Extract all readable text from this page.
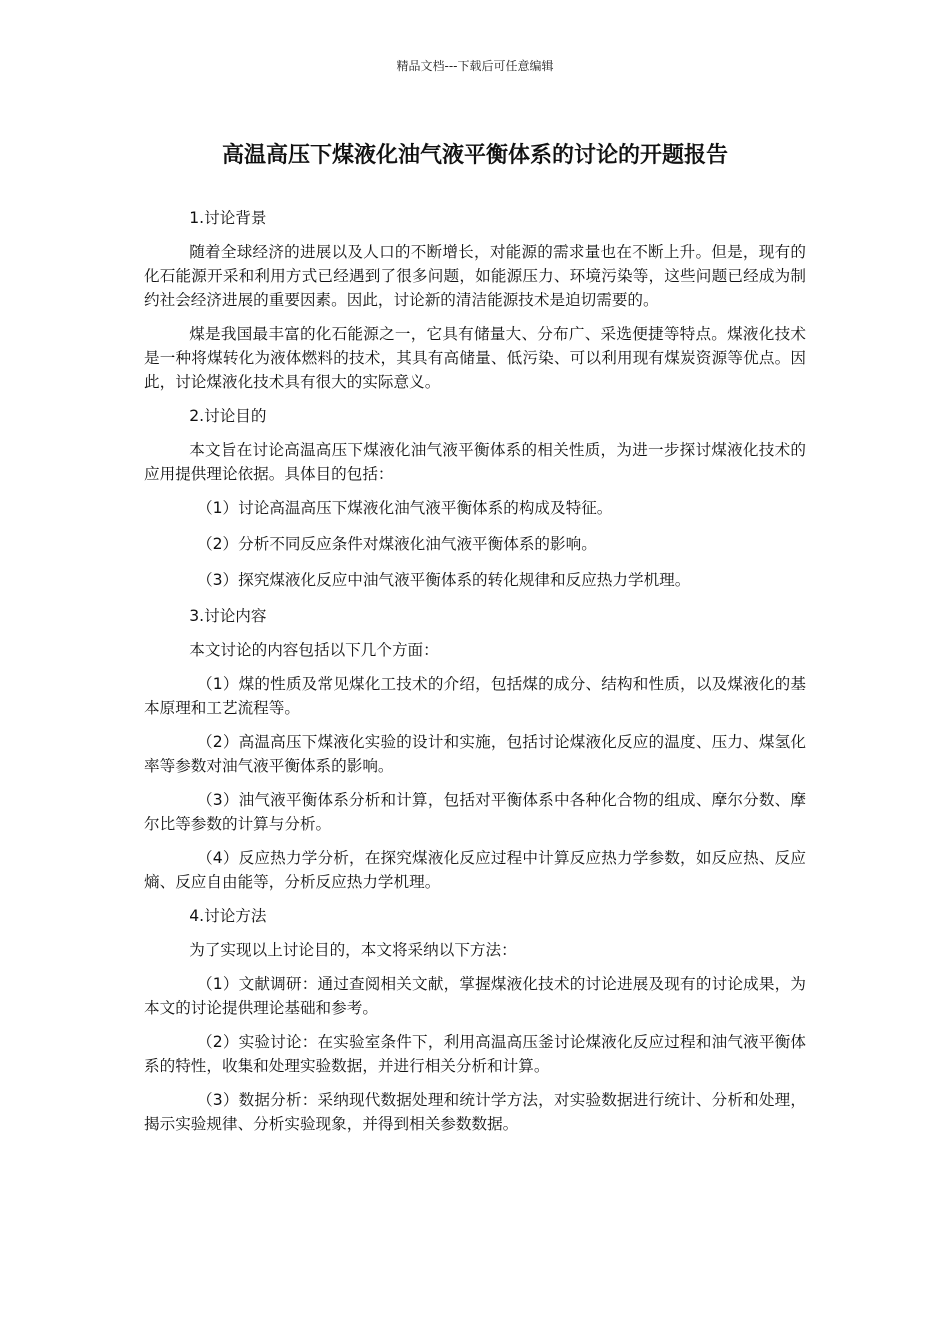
精品文档---下载后可任意编辑
高温高压下煤液化油气液平衡体系的讨论的开题报告

1.讨论背景

随着全球经济的进展以及人口的不断增长，对能源的需求量也在不断上升。但是，现有的化石能源开采和利用方式已经遇到了很多问题，如能源压力、环境污染等，这些问题已经成为制约社会经济进展的重要因素。因此，讨论新的清洁能源技术是迫切需要的。

煤是我国最丰富的化石能源之一，它具有储量大、分布广、采选便捷等特点。煤液化技术是一种将煤转化为液体燃料的技术，其具有高储量、低污染、可以利用现有煤炭资源等优点。因此，讨论煤液化技术具有很大的实际意义。

2.讨论目的

本文旨在讨论高温高压下煤液化油气液平衡体系的相关性质，为进一步探讨煤液化技术的应用提供理论依据。具体目的包括：

（1）讨论高温高压下煤液化油气液平衡体系的构成及特征。

（2）分析不同反应条件对煤液化油气液平衡体系的影响。

（3）探究煤液化反应中油气液平衡体系的转化规律和反应热力学机理。

3.讨论内容

本文讨论的内容包括以下几个方面：

（1）煤的性质及常见煤化工技术的介绍，包括煤的成分、结构和性质，以及煤液化的基本原理和工艺流程等。

（2）高温高压下煤液化实验的设计和实施，包括讨论煤液化反应的温度、压力、煤氢化率等参数对油气液平衡体系的影响。

（3）油气液平衡体系分析和计算，包括对平衡体系中各种化合物的组成、摩尔分数、摩尔比等参数的计算与分析。

（4）反应热力学分析，在探究煤液化反应过程中计算反应热力学参数，如反应热、反应熵、反应自由能等，分析反应热力学机理。

4.讨论方法

为了实现以上讨论目的，本文将采纳以下方法：

（1）文献调研：通过查阅相关文献，掌握煤液化技术的讨论进展及现有的讨论成果，为本文的讨论提供理论基础和参考。

（2）实验讨论：在实验室条件下，利用高温高压釜讨论煤液化反应过程和油气液平衡体系的特性，收集和处理实验数据，并进行相关分析和计算。

（3）数据分析：采纳现代数据处理和统计学方法，对实验数据进行统计、分析和处理，揭示实验规律、分析实验现象，并得到相关参数数据。
